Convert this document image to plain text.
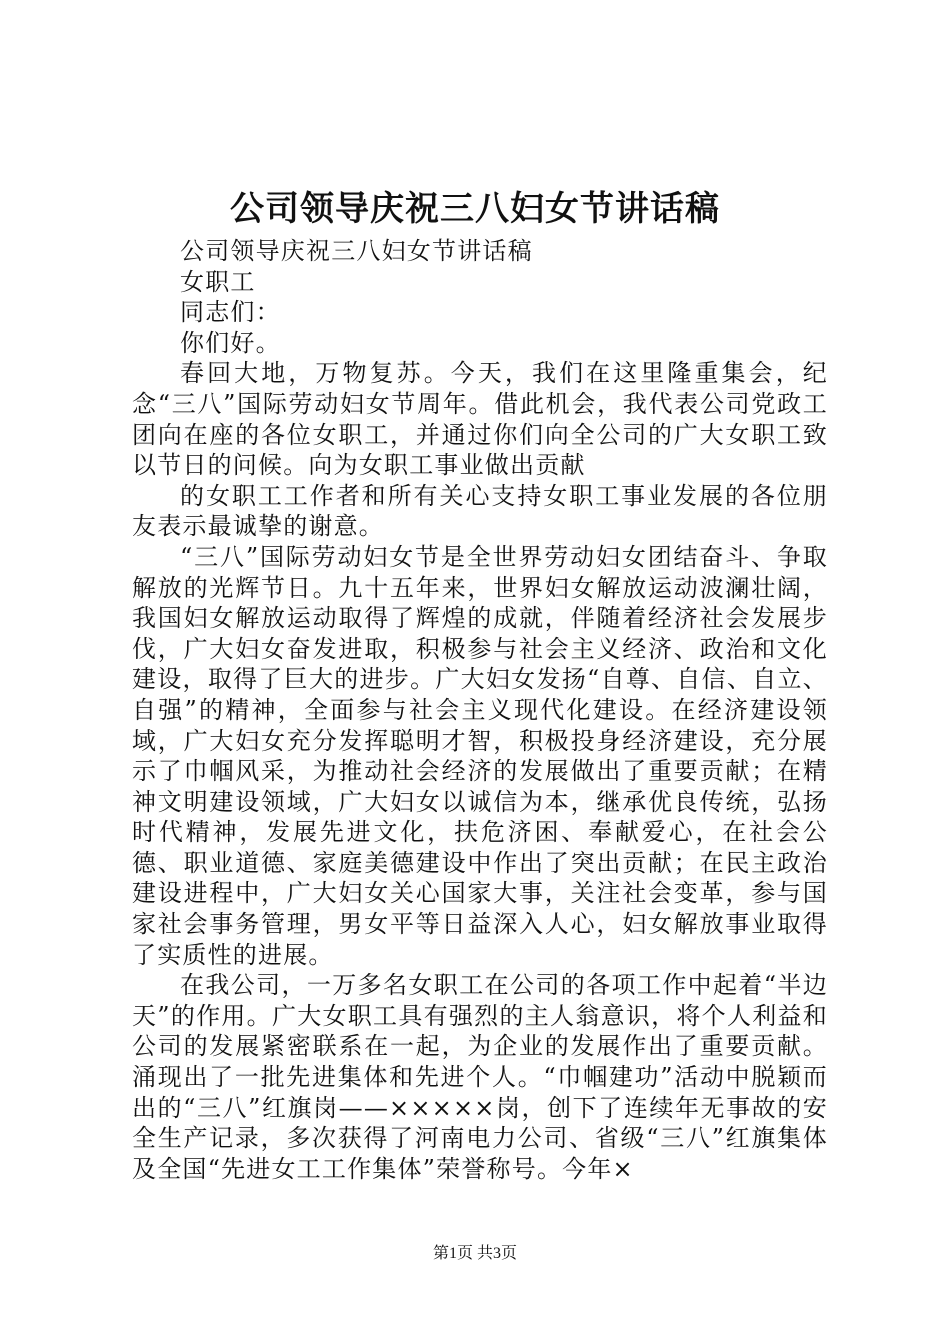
公司领导庆祝三八妇女节讲话稿

公司领导庆祝三八妇女节讲话稿

女职工

同志们：

你们好。

春回大地，万物复苏。今天，我们在这里隆重集会，纪念“三八”国际劳动妇女节周年。借此机会，我代表公司党政工团向在座的各位女职工，并通过你们向全公司的广大女职工致以节日的问候。向为女职工事业做出贡献

的女职工工作者和所有关心支持女职工事业发展的各位朋友表示最诚挚的谢意。

“三八”国际劳动妇女节是全世界劳动妇女团结奋斗、争取解放的光辉节日。九十五年来，世界妇女解放运动波澜壮阔，我国妇女解放运动取得了辉煌的成就，伴随着经济社会发展步伐，广大妇女奋发进取，积极参与社会主义经济、政治和文化建设，取得了巨大的进步。广大妇女发扬“自尊、自信、自立、自强”的精神，全面参与社会主义现代化建设。在经济建设领域，广大妇女充分发挥聪明才智，积极投身经济建设，充分展示了巾帼风采，为推动社会经济的发展做出了重要贡献；在精神文明建设领域，广大妇女以诚信为本，继承优良传统，弘扬时代精神，发展先进文化，扶危济困、奉献爱心，在社会公德、职业道德、家庭美德建设中作出了突出贡献；在民主政治建设进程中，广大妇女关心国家大事，关注社会变革，参与国家社会事务管理，男女平等日益深入人心，妇女解放事业取得了实质性的进展。

在我公司，一万多名女职工在公司的各项工作中起着“半边天”的作用。广大女职工具有强烈的主人翁意识，将个人利益和公司的发展紧密联系在一起，为企业的发展作出了重要贡献。涌现出了一批先进集体和先进个人。“巾帼建功”活动中脱颖而出的“三八”红旗岗——×××××岗，创下了连续年无事故的安全生产记录，多次获得了河南电力公司、省级“三八”红旗集体及全国“先进女工工作集体”荣誉称号。今年×

第1页 共3页
